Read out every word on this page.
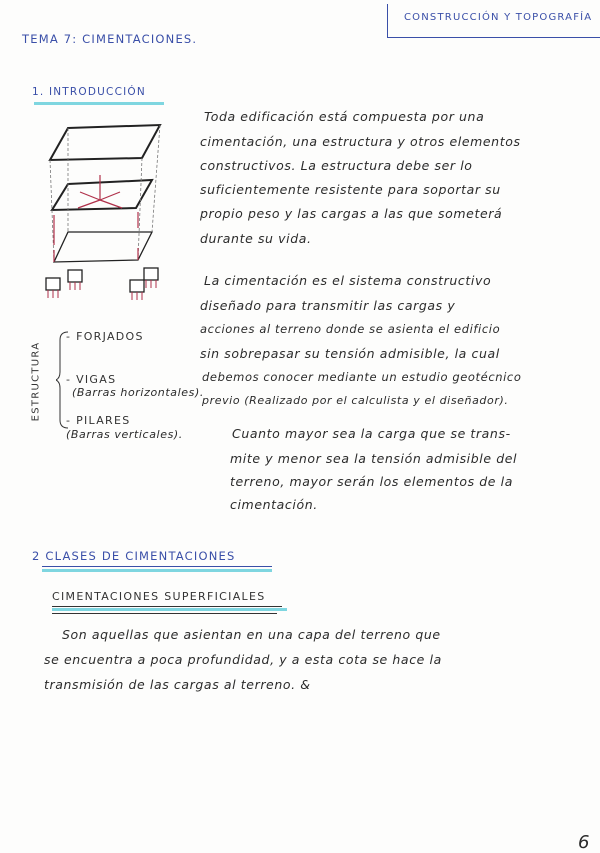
CONSTRUCCIÓN Y TOPOGRAFÍA
TEMA 7: CIMENTACIONES.
1. INTRODUCCIÓN
Toda edificación está compuesta por una
cimentación, una estructura y otros elementos
constructivos. La estructura debe ser lo
suficientemente resistente para soportar su
propio peso y las cargas a las que someterá
durante su vida.
La cimentación es el sistema constructivo
diseñado para transmitir las cargas y
acciones al terreno donde se asienta el edificio
sin sobrepasar su tensión admisible, la cual
debemos conocer mediante un estudio geotécnico
previo (Realizado por el calculista y el diseñador).
Cuanto mayor sea la carga que se trans-
mite y menor sea la tensión admisible del
terreno, mayor serán los elementos de la
cimentación.
ESTRUCTURA
- FORJADOS
- VIGAS
(Barras horizontales).
- PILARES
(Barras verticales).
2 CLASES DE CIMENTACIONES
CIMENTACIONES SUPERFICIALES
Son aquellas que asientan en una capa del terreno que
se encuentra a poca profundidad, y a esta cota se hace la
transmisión de las cargas al terreno. &
6
